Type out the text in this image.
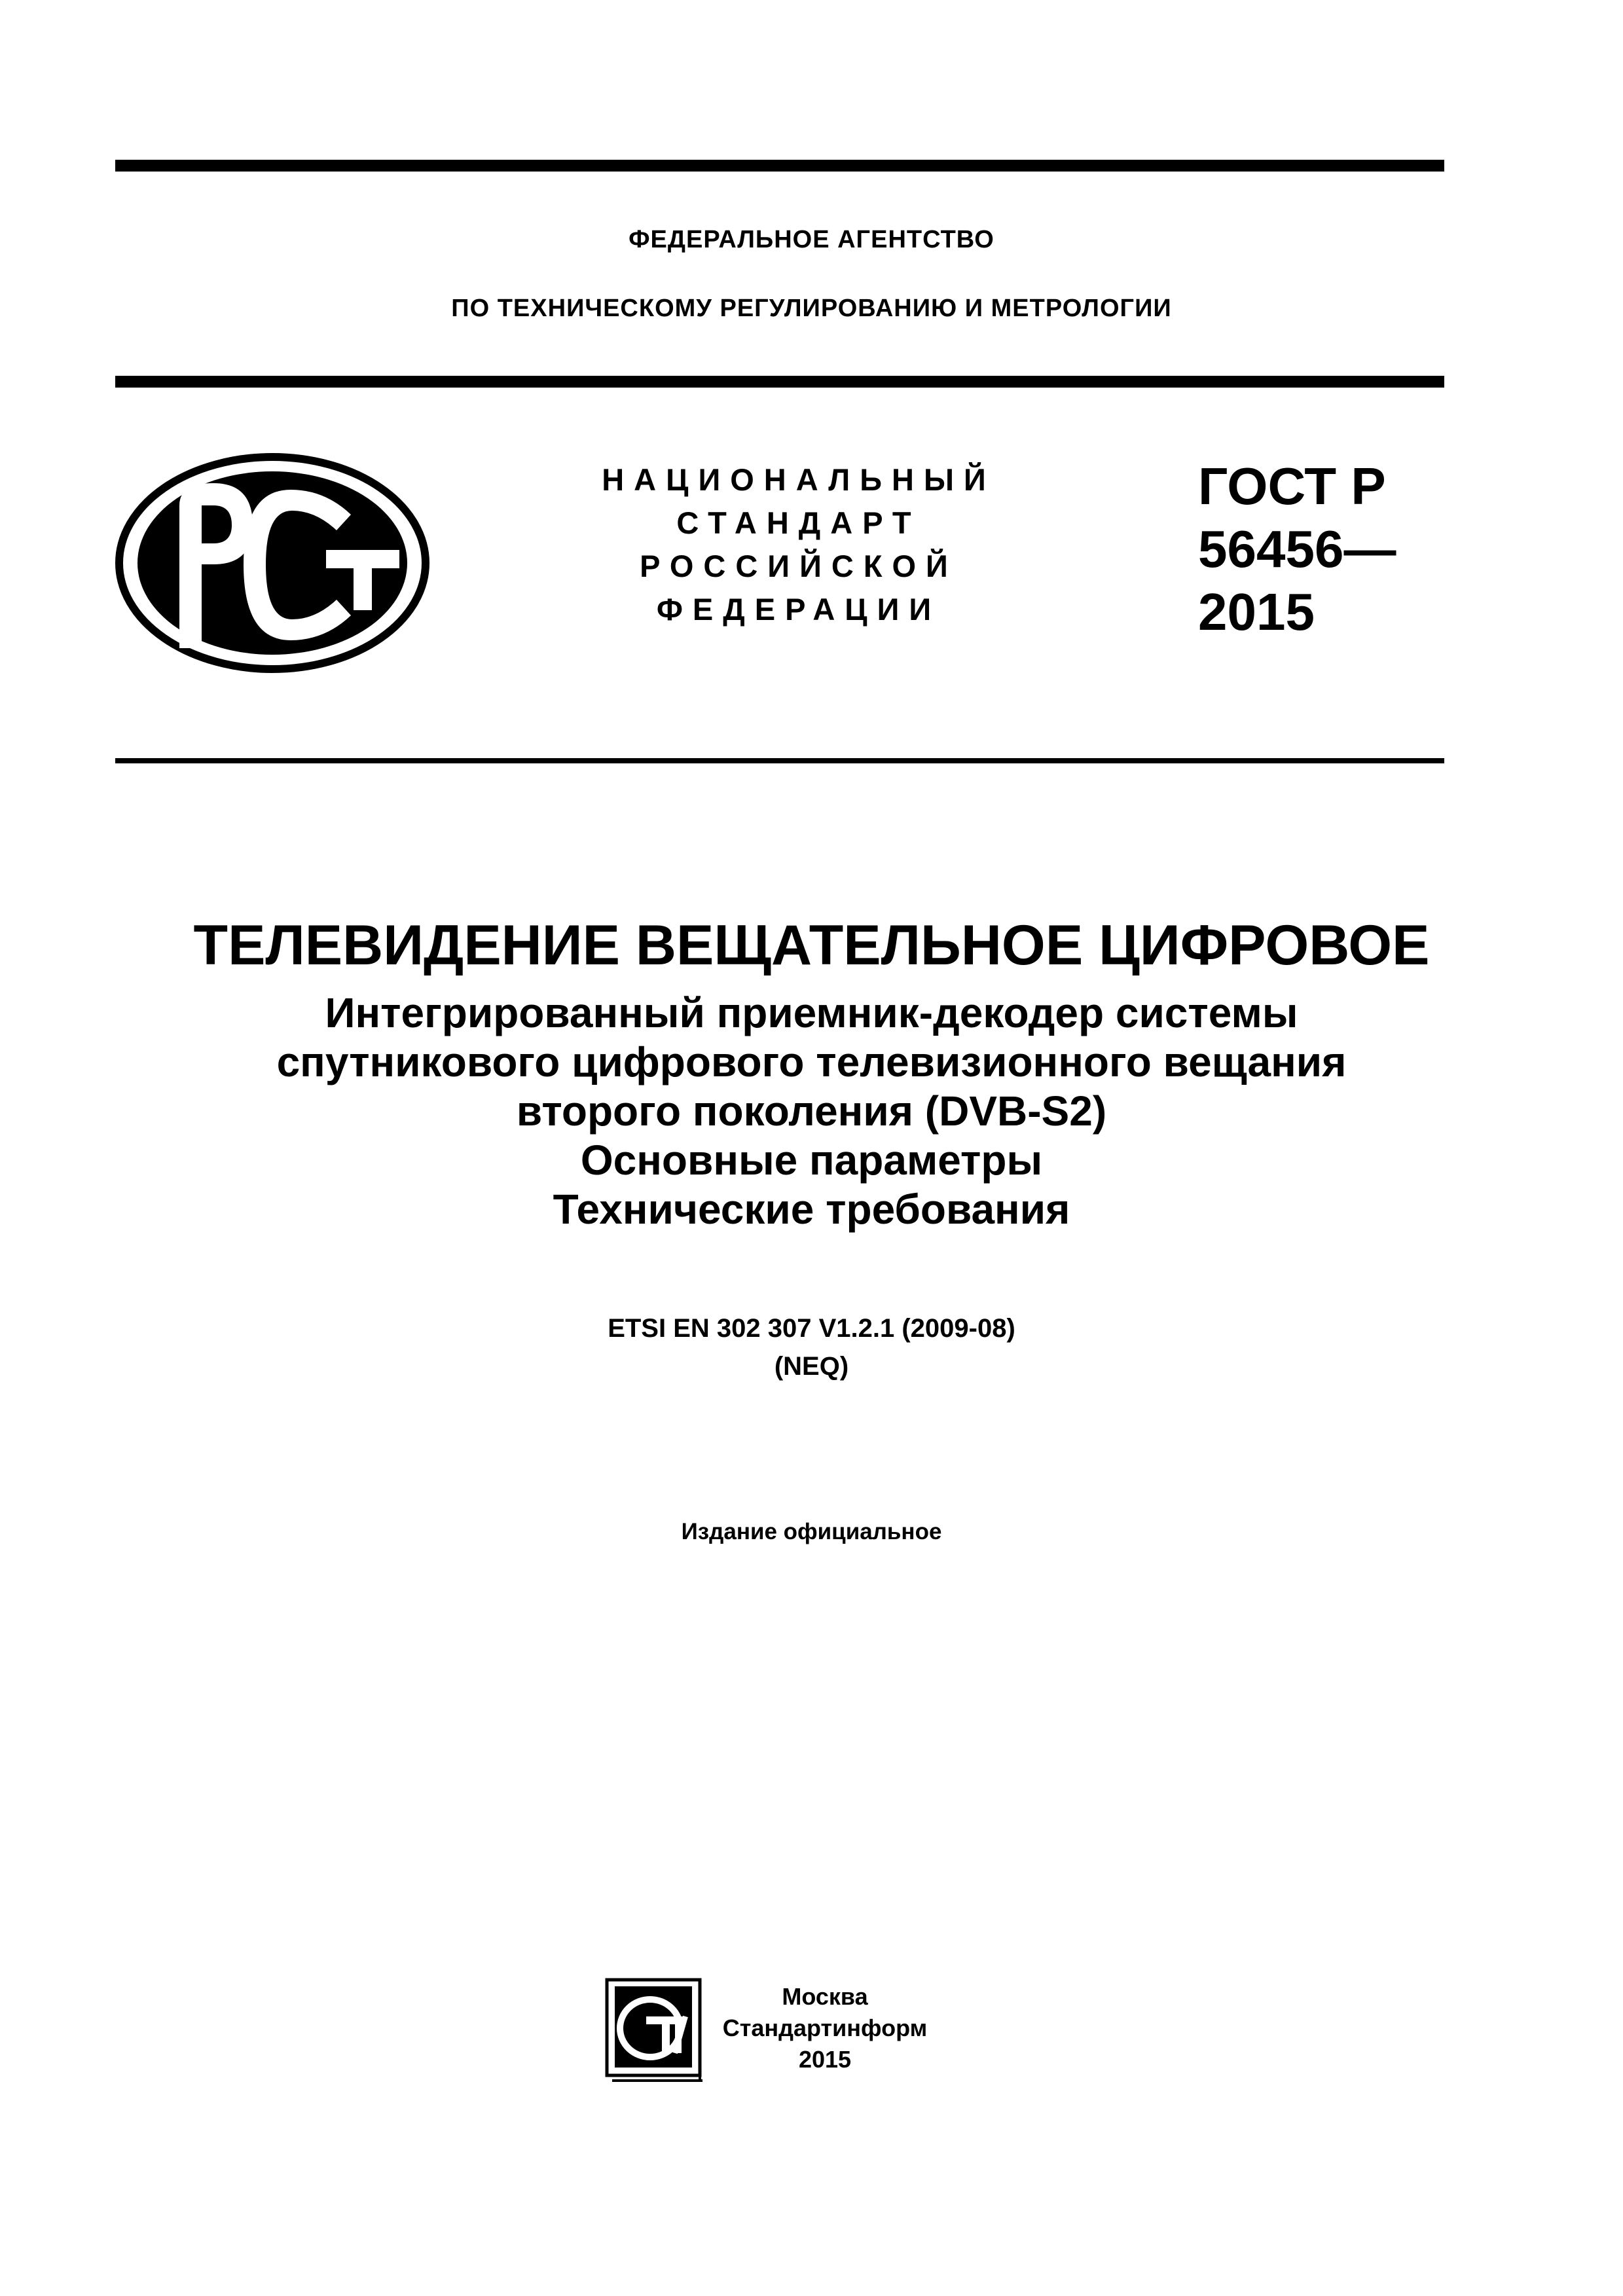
ФЕДЕРАЛЬНОЕ АГЕНТСТВО
ПО ТЕХНИЧЕСКОМУ РЕГУЛИРОВАНИЮ И МЕТРОЛОГИИ
НАЦИОНАЛЬНЫЙ
СТАНДАРТ
РОССИЙСКОЙ
ФЕДЕРАЦИИ
ГОСТ Р
56456—
2015
ТЕЛЕВИДЕНИЕ ВЕЩАТЕЛЬНОЕ ЦИФРОВОЕ
Интегрированный приемник-декодер системы
спутникового цифрового телевизионного вещания
второго поколения (DVB-S2)
Основные параметры
Технические требования
ETSI EN 302 307 V1.2.1 (2009-08)
(NEQ)
Издание официальное
Москва
Стандартинформ
2015
